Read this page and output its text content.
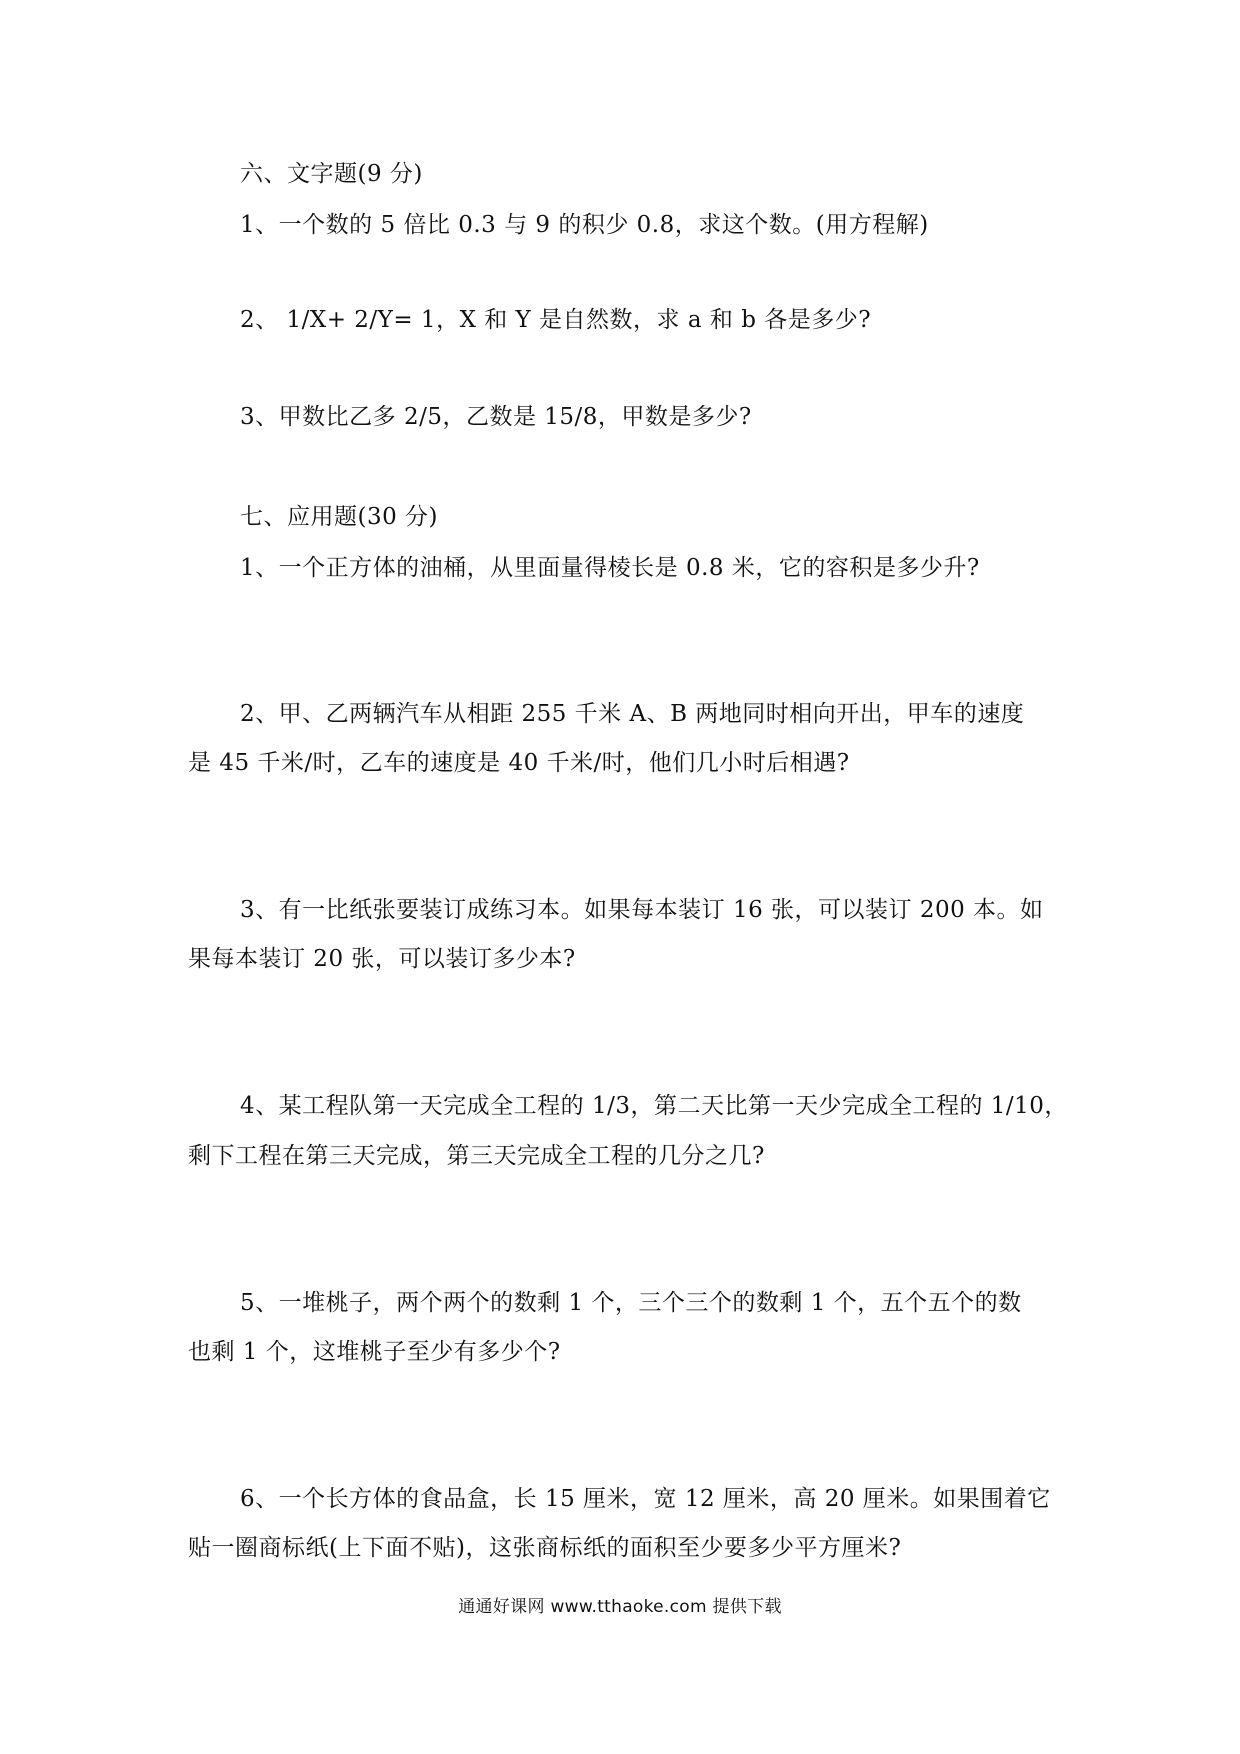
六、文字题(9 分)
1、一个数的 5 倍比 0.3 与 9 的积少 0.8，求这个数。(用方程解)
2、 1/X+ 2/Y= 1，X 和 Y 是自然数，求 a 和 b 各是多少?
3、甲数比乙多 2/5，乙数是 15/8，甲数是多少?
七、应用题(30 分)
1、一个正方体的油桶，从里面量得棱长是 0.8 米，它的容积是多少升?
2、甲、乙两辆汽车从相距 255 千米 A、B 两地同时相向开出，甲车的速度
是 45 千米/时，乙车的速度是 40 千米/时，他们几小时后相遇?
3、有一比纸张要装订成练习本。如果每本装订 16 张，可以装订 200 本。如
果每本装订 20 张，可以装订多少本?
4、某工程队第一天完成全工程的 1/3，第二天比第一天少完成全工程的 1/10，
剩下工程在第三天完成，第三天完成全工程的几分之几?
5、一堆桃子，两个两个的数剩 1 个，三个三个的数剩 1 个，五个五个的数
也剩 1 个，这堆桃子至少有多少个?
6、一个长方体的食品盒，长 15 厘米，宽 12 厘米，高 20 厘米。如果围着它
贴一圈商标纸(上下面不贴)，这张商标纸的面积至少要多少平方厘米?
通通好课网 www.tthaoke.com 提供下载
